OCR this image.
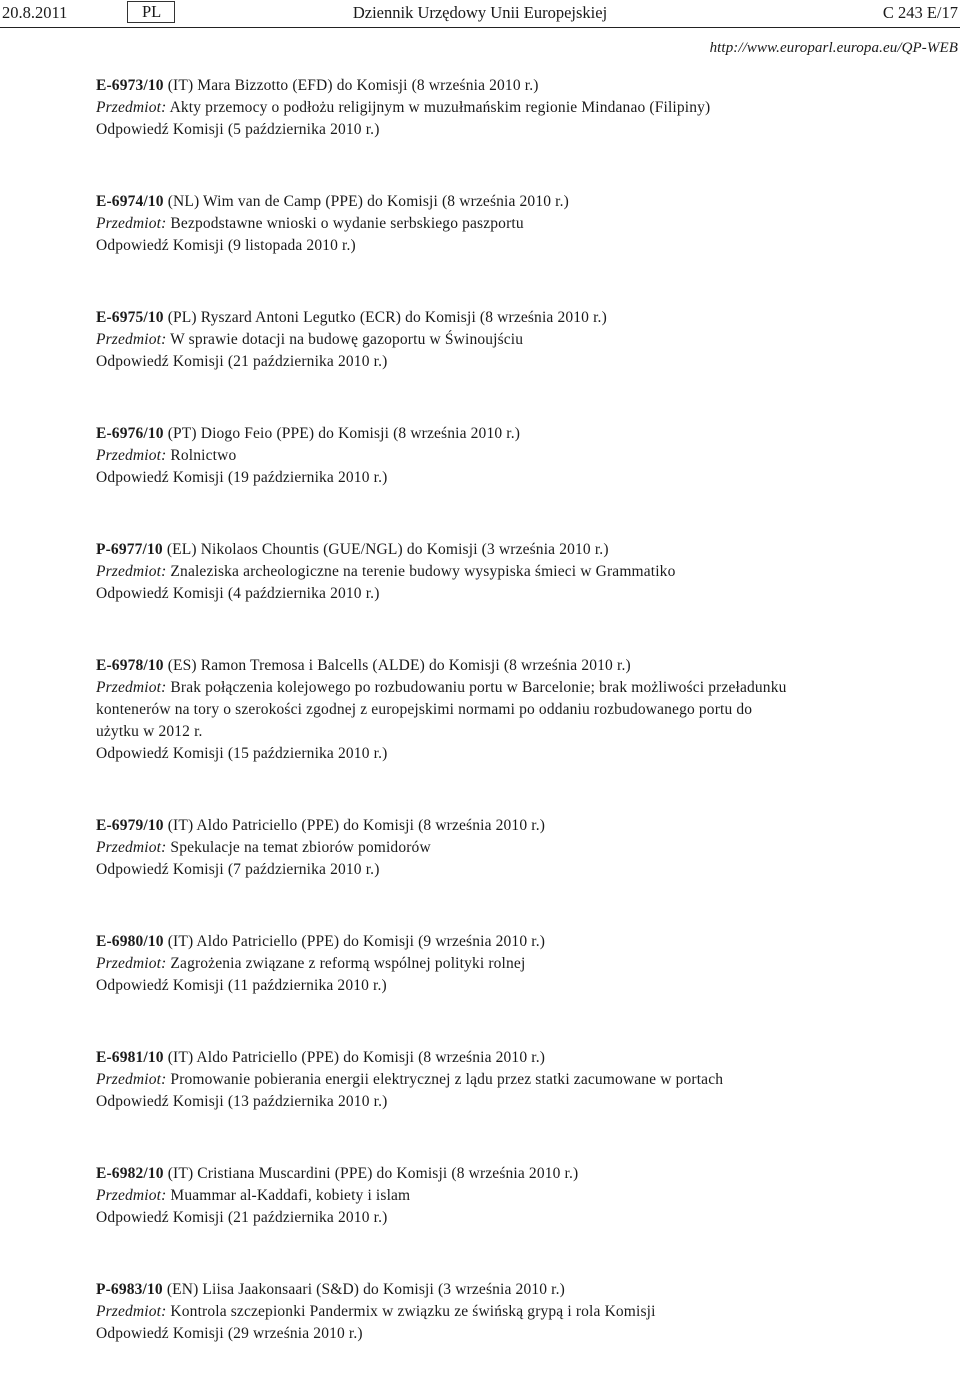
20.8.2011	PL	Dziennik Urzędowy Unii Europejskiej	C 243 E/17
http://www.europarl.europa.eu/QP-WEB
E-6973/10 (IT) Mara Bizzotto (EFD) do Komisji (8 września 2010 r.)
Przedmiot: Akty przemocy o podłożu religijnym w muzułmańskim regionie Mindanao (Filipiny)
Odpowiedź Komisji (5 października 2010 r.)
E-6974/10 (NL) Wim van de Camp (PPE) do Komisji (8 września 2010 r.)
Przedmiot: Bezpodstawne wnioski o wydanie serbskiego paszportu
Odpowiedź Komisji (9 listopada 2010 r.)
E-6975/10 (PL) Ryszard Antoni Legutko (ECR) do Komisji (8 września 2010 r.)
Przedmiot: W sprawie dotacji na budowę gazoportu w Świnoujściu
Odpowiedź Komisji (21 października 2010 r.)
E-6976/10 (PT) Diogo Feio (PPE) do Komisji (8 września 2010 r.)
Przedmiot: Rolnictwo
Odpowiedź Komisji (19 października 2010 r.)
P-6977/10 (EL) Nikolaos Chountis (GUE/NGL) do Komisji (3 września 2010 r.)
Przedmiot: Znaleziska archeologiczne na terenie budowy wysypiska śmieci w Grammatiko
Odpowiedź Komisji (4 października 2010 r.)
E-6978/10 (ES) Ramon Tremosa i Balcells (ALDE) do Komisji (8 września 2010 r.)
Przedmiot: Brak połączenia kolejowego po rozbudowaniu portu w Barcelonie; brak możliwości przeładunku kontenerów na tory o szerokości zgodnej z europejskimi normami po oddaniu rozbudowanego portu do użytku w 2012 r.
Odpowiedź Komisji (15 października 2010 r.)
E-6979/10 (IT) Aldo Patriciello (PPE) do Komisji (8 września 2010 r.)
Przedmiot: Spekulacje na temat zbiorów pomidorów
Odpowiedź Komisji (7 października 2010 r.)
E-6980/10 (IT) Aldo Patriciello (PPE) do Komisji (9 września 2010 r.)
Przedmiot: Zagrożenia związane z reformą wspólnej polityki rolnej
Odpowiedź Komisji (11 października 2010 r.)
E-6981/10 (IT) Aldo Patriciello (PPE) do Komisji (8 września 2010 r.)
Przedmiot: Promowanie pobierania energii elektrycznej z lądu przez statki zacumowane w portach
Odpowiedź Komisji (13 października 2010 r.)
E-6982/10 (IT) Cristiana Muscardini (PPE) do Komisji (8 września 2010 r.)
Przedmiot: Muammar al-Kaddafi, kobiety i islam
Odpowiedź Komisji (21 października 2010 r.)
P-6983/10 (EN) Liisa Jaakonsaari (S&D) do Komisji (3 września 2010 r.)
Przedmiot: Kontrola szczepionki Pandermix w związku ze świńską grypą i rola Komisji
Odpowiedź Komisji (29 września 2010 r.)
